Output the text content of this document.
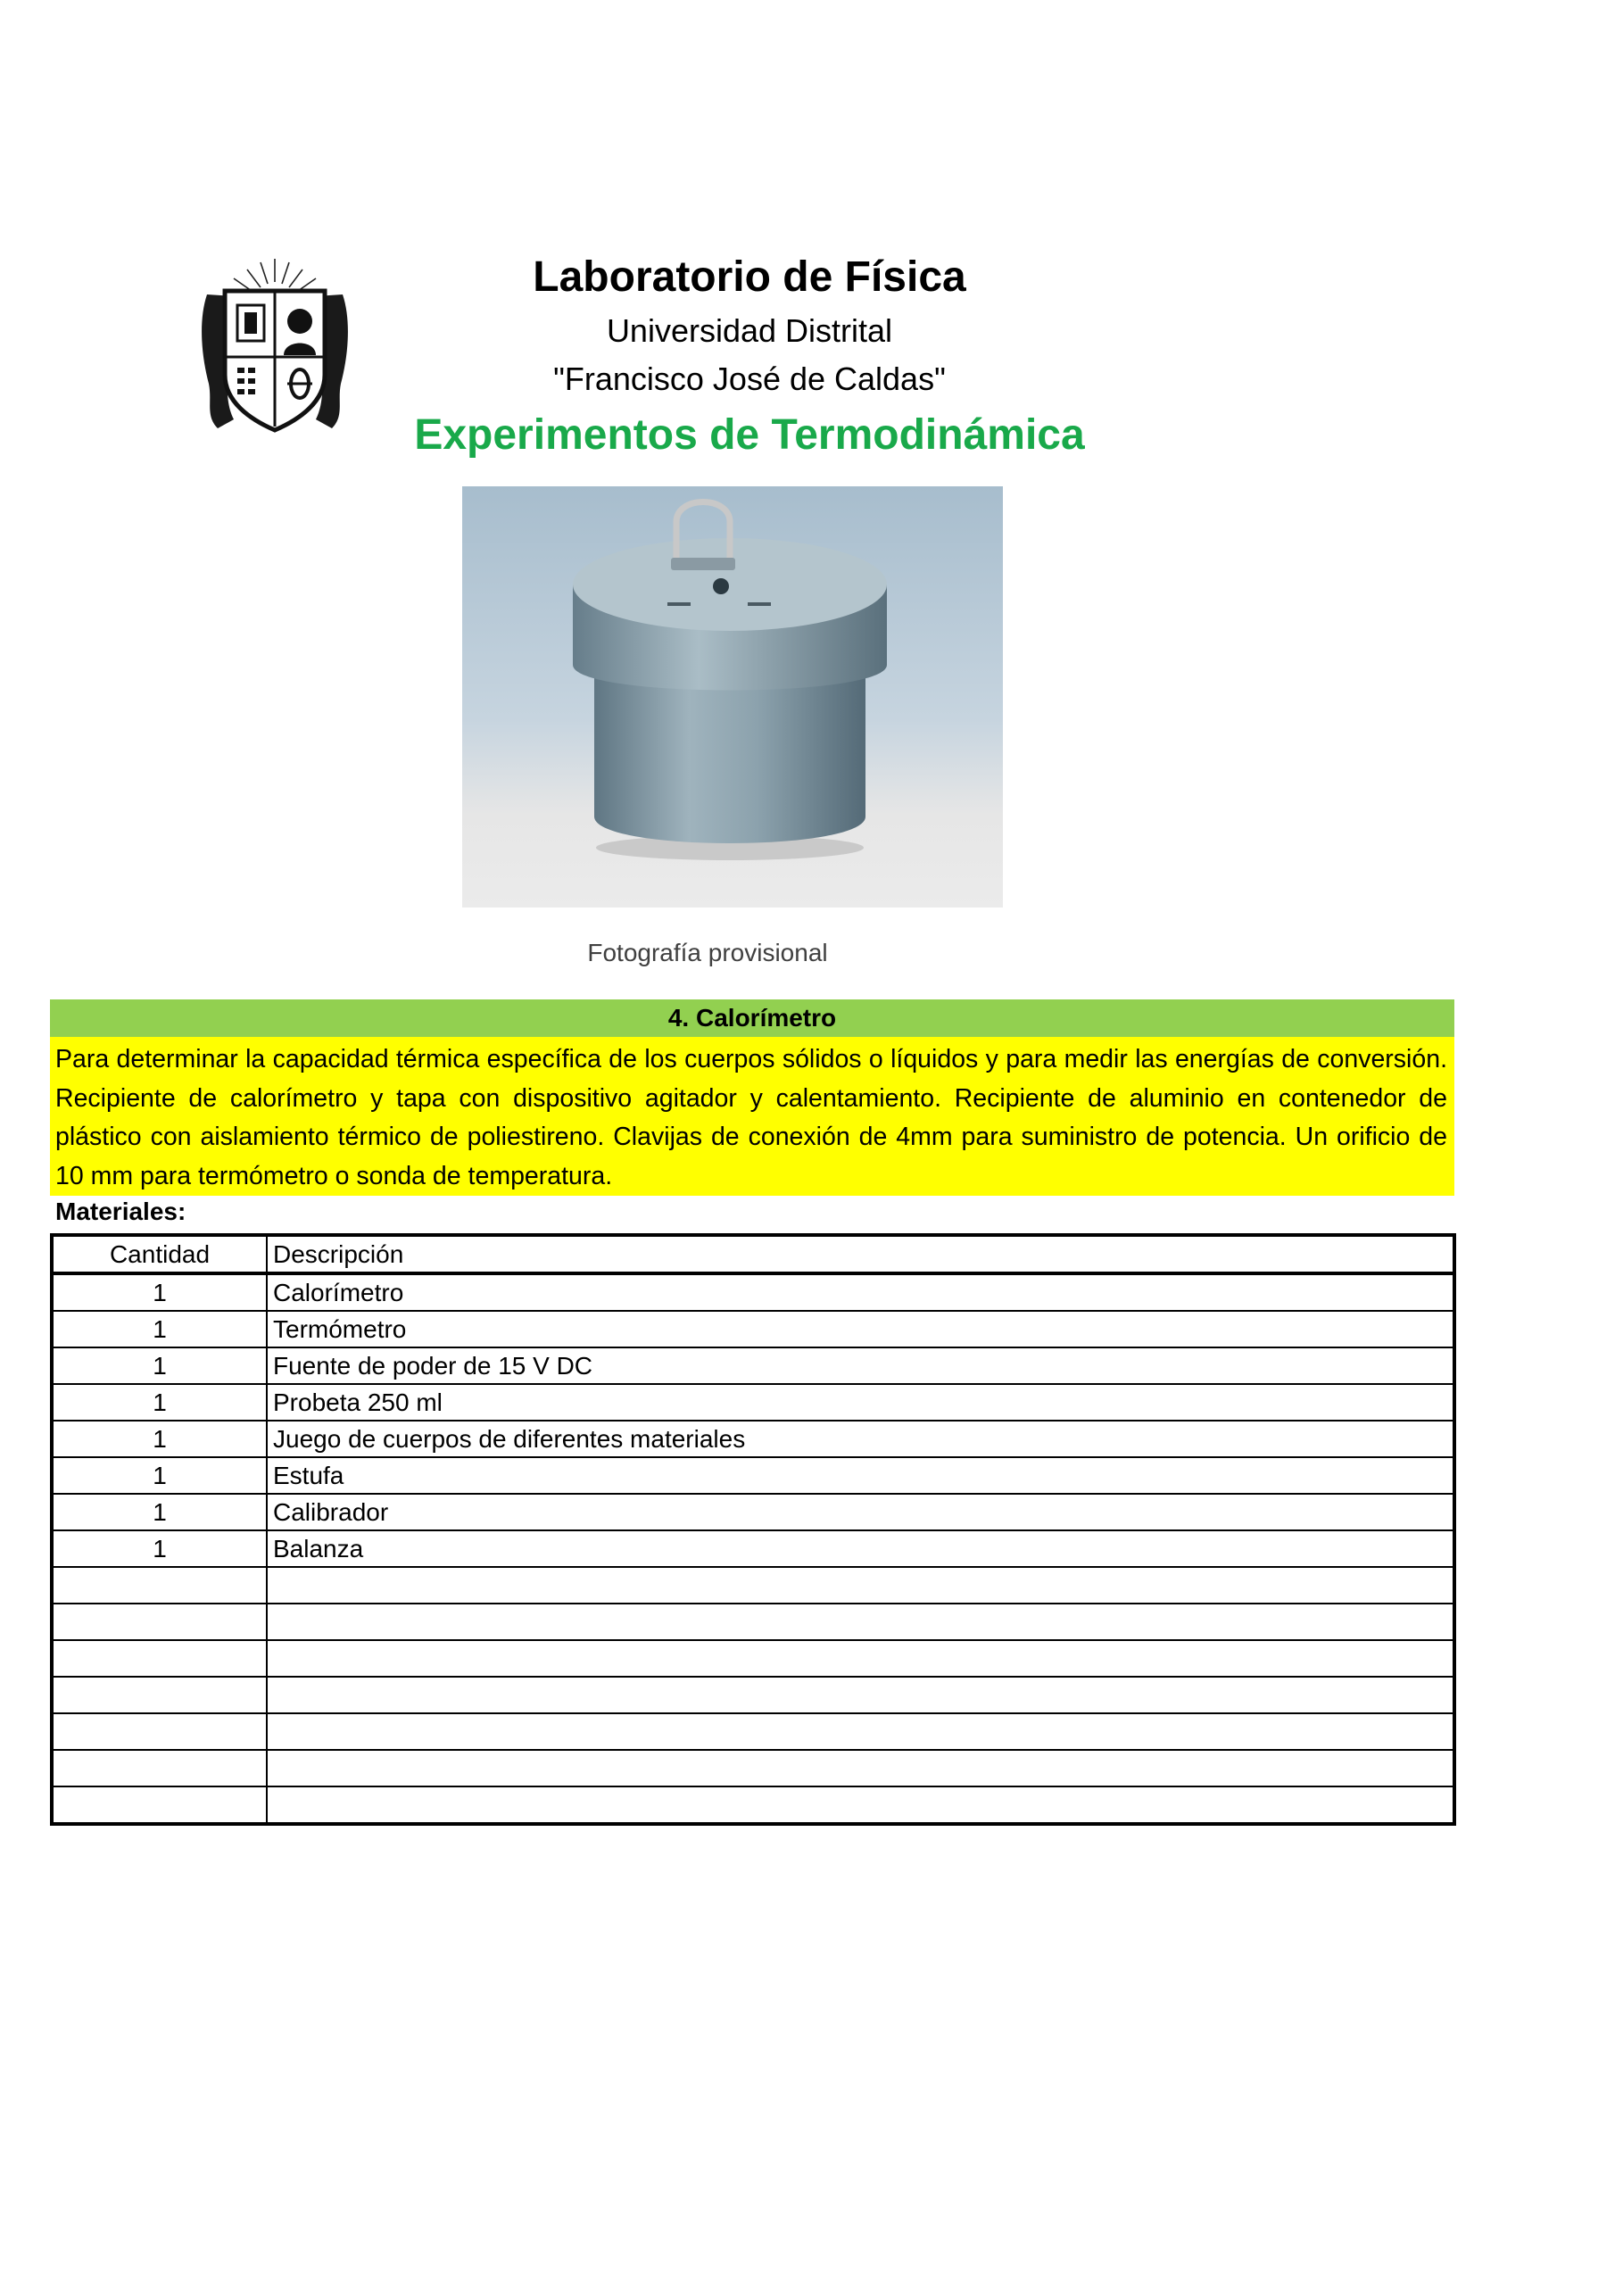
Laboratorio de Física
Universidad Distrital
"Francisco José de Caldas"
Experimentos de Termodinámica
Fotografía provisional
4. Calorímetro
Para determinar la capacidad térmica específica de los cuerpos sólidos o líquidos y para medir las energías de conversión. Recipiente de calorímetro y tapa con dispositivo agitador y calentamiento. Recipiente de aluminio en contenedor de plástico con aislamiento térmico de poliestireno. Clavijas de conexión de 4mm para suministro de potencia. Un orificio de 10 mm para termómetro o sonda de temperatura.
Materiales:
Cantidad	Descripción
1	Calorímetro
1	Termómetro
1	Fuente de poder de 15 V DC
1	Probeta 250 ml
1	Juego de cuerpos de diferentes materiales
1	Estufa
1	Calibrador
1	Balanza
